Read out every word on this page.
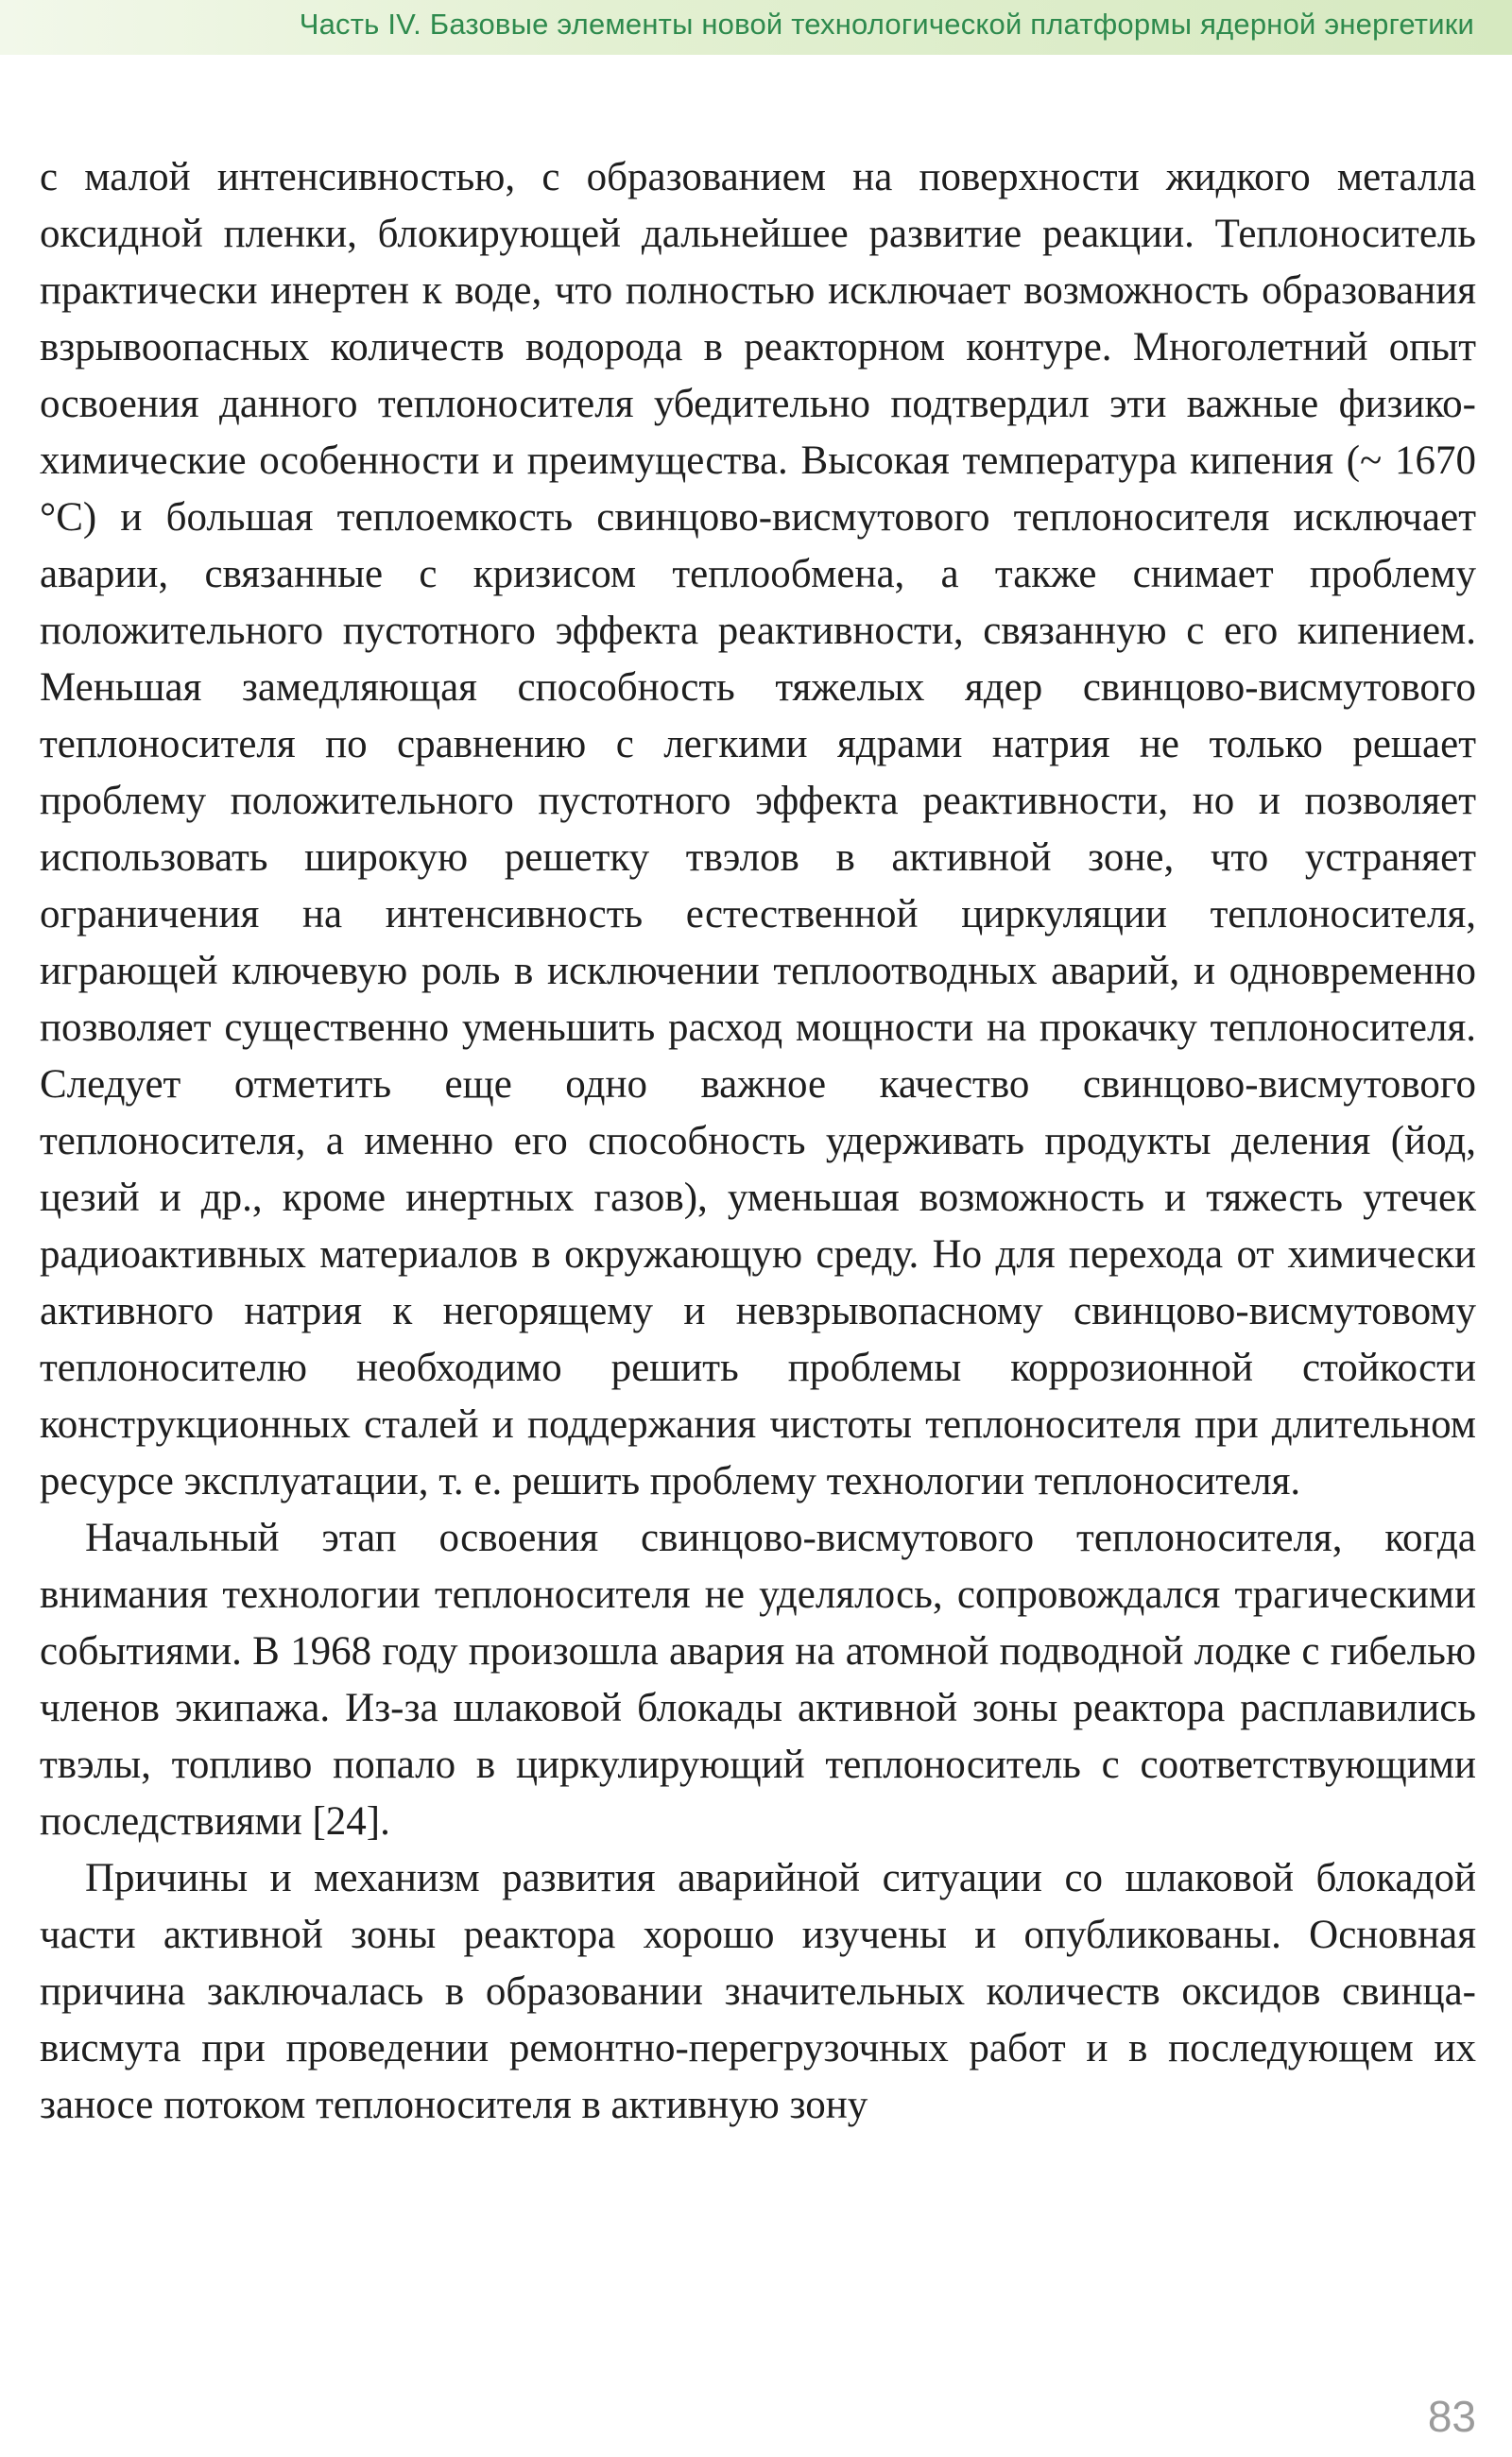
Часть IV. Базовые элементы новой технологической платформы ядерной энергетики

с малой интенсивностью, с образованием на поверхности жидкого металла оксидной пленки, блокирующей дальнейшее развитие реакции. Теплоноситель практически инертен к воде, что полностью исключает возможность образования взрывоопасных количеств водорода в реакторном контуре. Многолетний опыт освоения данного теплоносителя убедительно подтвердил эти важные физико-химические особенности и преимущества. Высокая температура кипения (~ 1670 °C) и большая теплоемкость свинцово-висмутового теплоносителя исключает аварии, связанные с кризисом теплообмена, а также снимает проблему положительного пустотного эффекта реактивности, связанную с его кипением. Меньшая замедляющая способность тяжелых ядер свинцово-висмутового теплоносителя по сравнению с легкими ядрами натрия не только решает проблему положительного пустотного эффекта реактивности, но и позволяет использовать широкую решетку твэлов в активной зоне, что устраняет ограничения на интенсивность естественной циркуляции теплоносителя, играющей ключевую роль в исключении теплоотводных аварий, и одновременно позволяет существенно уменьшить расход мощности на прокачку теплоносителя. Следует отметить еще одно важное качество свинцово-висмутового теплоносителя, а именно его способность удерживать продукты деления (йод, цезий и др., кроме инертных газов), уменьшая возможность и тяжесть утечек радиоактивных материалов в окружающую среду. Но для перехода от химически активного натрия к негорящему и невзрывопасному свинцово-висмутовому теплоносителю необходимо решить проблемы коррозионной стойкости конструкционных сталей и поддержания чистоты теплоносителя при длительном ресурсе эксплуатации, т. е. решить проблему технологии теплоносителя.

Начальный этап освоения свинцово-висмутового теплоносителя, когда внимания технологии теплоносителя не уделялось, сопровождался трагическими событиями. В 1968 году произошла авария на атомной подводной лодке с гибелью членов экипажа. Из-за шлаковой блокады активной зоны реактора расплавились твэлы, топливо попало в циркулирующий теплоноситель с соответствующими последствиями [24].

Причины и механизм развития аварийной ситуации со шлаковой блокадой части активной зоны реактора хорошо изучены и опубликованы. Основная причина заключалась в образовании значительных количеств оксидов свинца-висмута при проведении ремонтно-перегрузочных работ и в последующем их заносе потоком теплоносителя в активную зону

83
